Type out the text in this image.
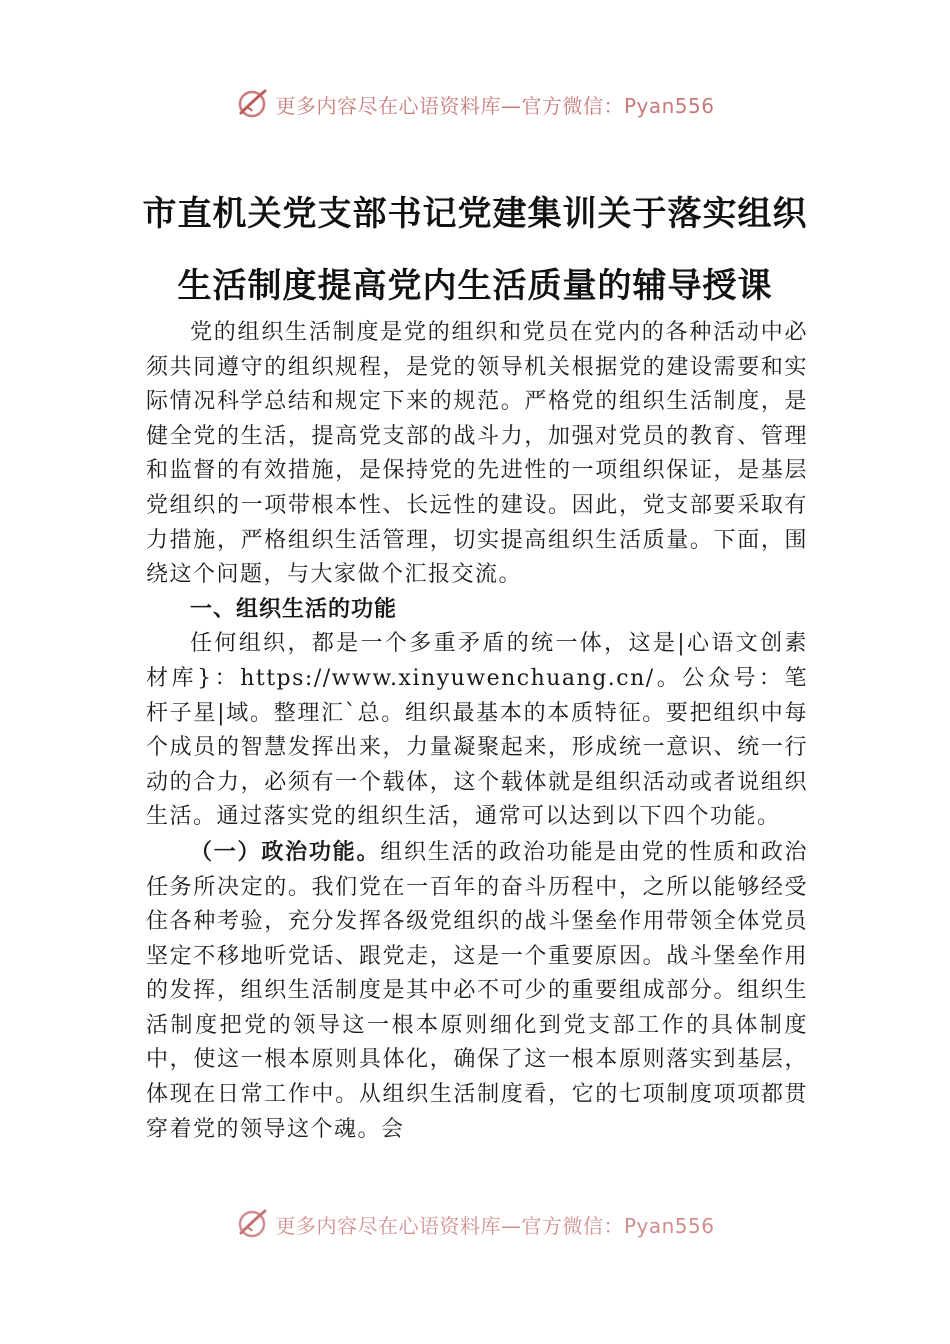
更多内容尽在心语资料库—官方微信：Pyan556
市直机关党支部书记党建集训关于落实组织生活制度提高党内生活质量的辅导授课

党的组织生活制度是党的组织和党员在党内的各种活动中必须共同遵守的组织规程，是党的领导机关根据党的建设需要和实际情况科学总结和规定下来的规范。严格党的组织生活制度，是健全党的生活，提高党支部的战斗力，加强对党员的教育、管理和监督的有效措施，是保持党的先进性的一项组织保证，是基层党组织的一项带根本性、长远性的建设。因此，党支部要采取有力措施，严格组织生活管理，切实提高组织生活质量。下面，围绕这个问题，与大家做个汇报交流。

一、组织生活的功能

任何组织，都是一个多重矛盾的统一体，这是|心语文创素材库}：https://www.xinyuwenchuang.cn/。公众号：笔杆子星|域。整理汇`总。组织最基本的本质特征。要把组织中每个成员的智慧发挥出来，力量凝聚起来，形成统一意识、统一行动的合力，必须有一个载体，这个载体就是组织活动或者说组织生活。通过落实党的组织生活，通常可以达到以下四个功能。

（一）政治功能。组织生活的政治功能是由党的性质和政治任务所决定的。我们党在一百年的奋斗历程中，之所以能够经受住各种考验，充分发挥各级党组织的战斗堡垒作用带领全体党员坚定不移地听党话、跟党走，这是一个重要原因。战斗堡垒作用的发挥，组织生活制度是其中必不可少的重要组成部分。组织生活制度把党的领导这一根本原则细化到党支部工作的具体制度中，使这一根本原则具体化，确保了这一根本原则落实到基层，体现在日常工作中。从组织生活制度看，它的七项制度项项都贯穿着党的领导这个魂。会

更多内容尽在心语资料库—官方微信：Pyan556
